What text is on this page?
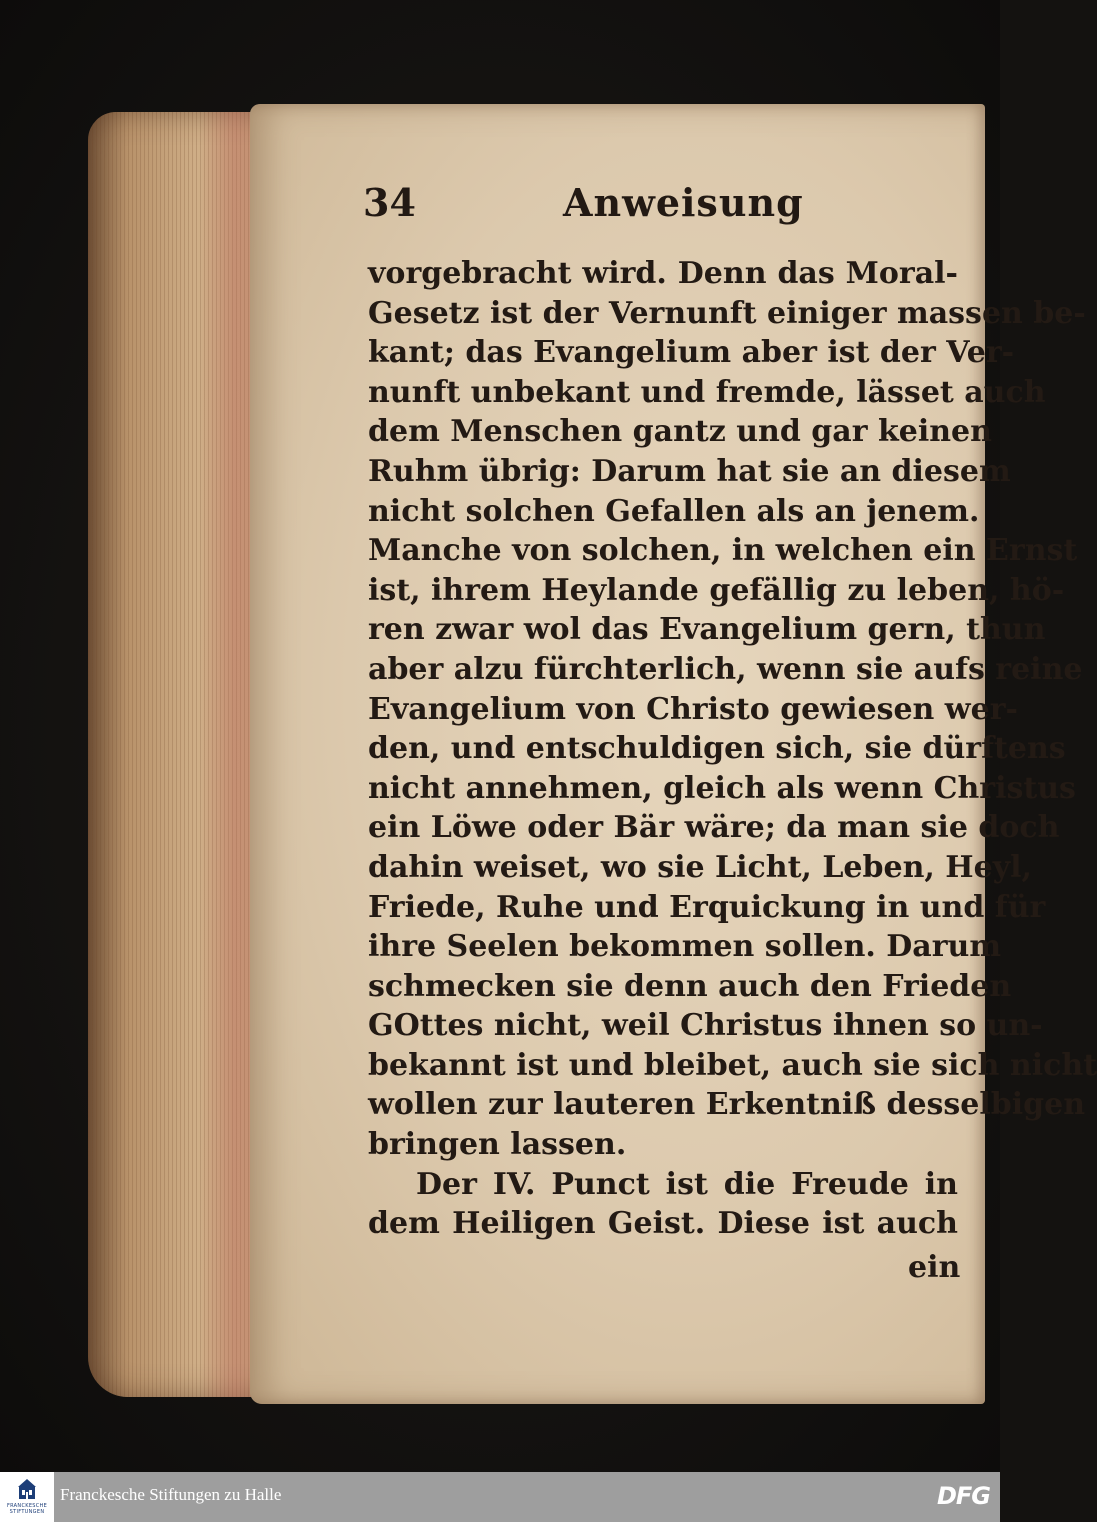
34	Anweisung
vorgebracht wird. Denn das Moral-
Gesetz ist der Vernunft einiger massen be-
kant; das Evangelium aber ist der Ver-
nunft unbekant und fremde, lässet auch
dem Menschen gantz und gar keinen
Ruhm übrig: Darum hat sie an diesem
nicht solchen Gefallen als an jenem.
Manche von solchen, in welchen ein Ernst
ist, ihrem Heylande gefällig zu leben, hö-
ren zwar wol das Evangelium gern, thun
aber alzu fürchterlich, wenn sie aufs reine
Evangelium von Christo gewiesen wer-
den, und entschuldigen sich, sie dürftens
nicht annehmen, gleich als wenn Christus
ein Löwe oder Bär wäre; da man sie doch
dahin weiset, wo sie Licht, Leben, Heyl,
Friede, Ruhe und Erquickung in und für
ihre Seelen bekommen sollen. Darum
schmecken sie denn auch den Frieden
GOttes nicht, weil Christus ihnen so un-
bekannt ist und bleibet, auch sie sich nicht
wollen zur lauteren Erkentniß desselbigen
bringen lassen.
Der IV. Punct ist die Freude in
dem Heiligen Geist. Diese ist auch
ein
FRANCKESCHE
STIFTUNGEN
Franckesche Stiftungen zu Halle	DFG
